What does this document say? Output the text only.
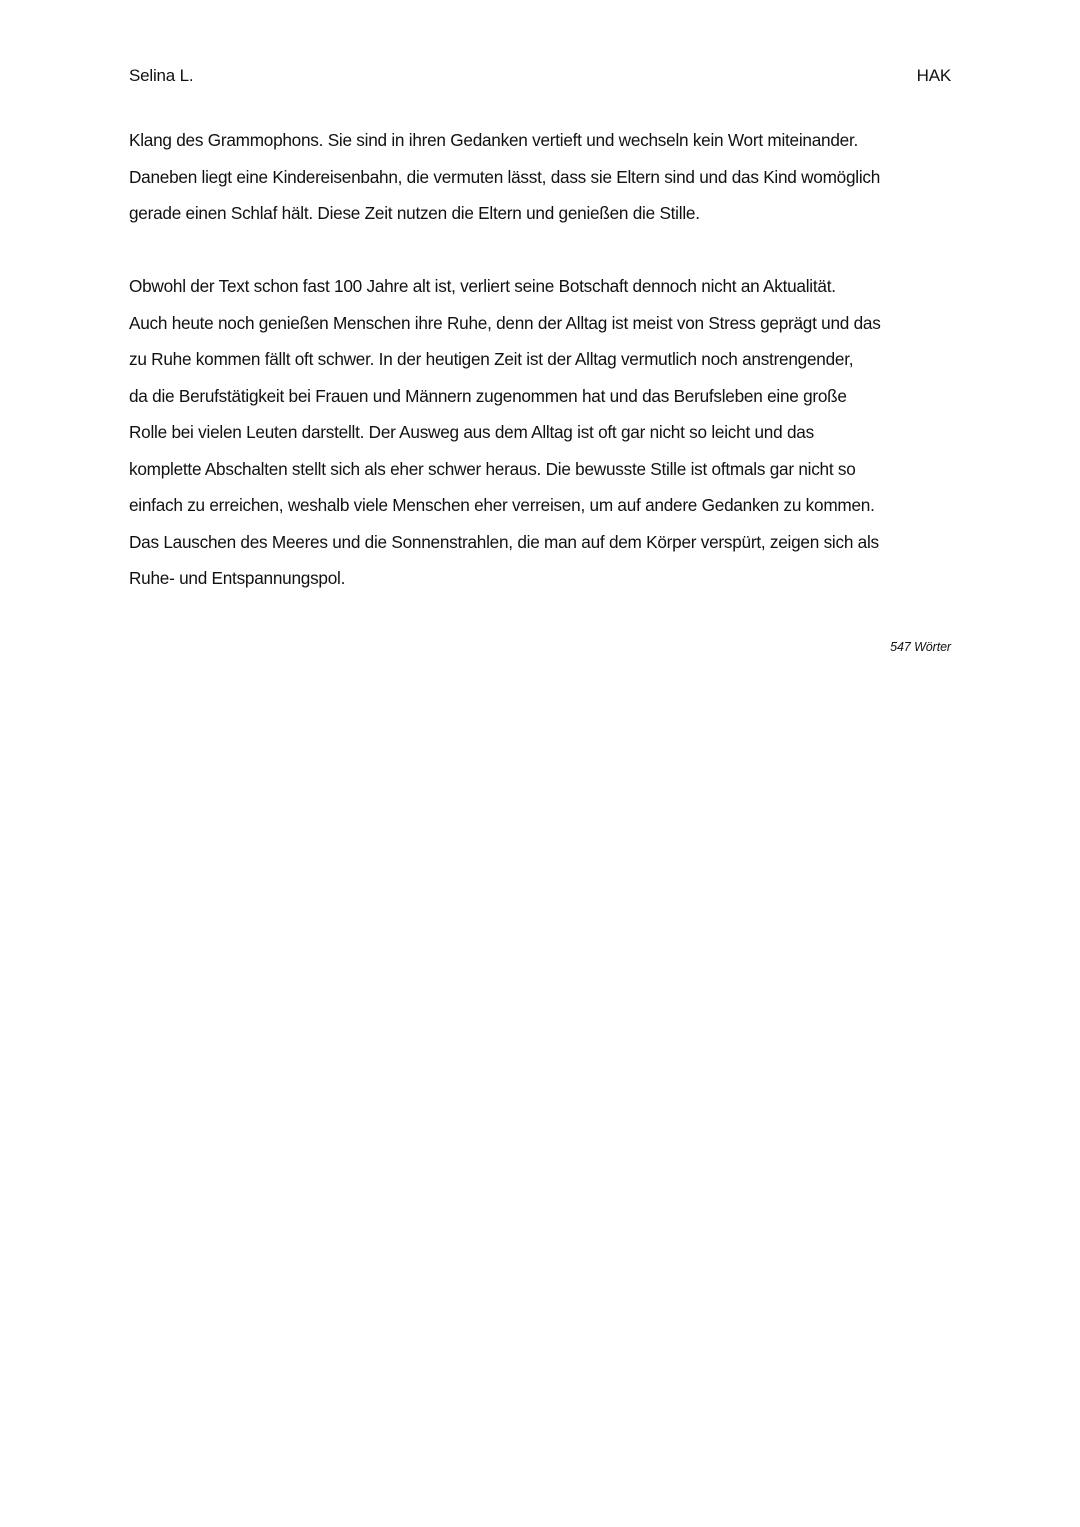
Selina L.	HAK
Klang des Grammophons. Sie sind in ihren Gedanken vertieft und wechseln kein Wort miteinander.
Daneben liegt eine Kindereisenbahn, die vermuten lässt, dass sie Eltern sind und das Kind womöglich
gerade einen Schlaf hält. Diese Zeit nutzen die Eltern und genießen die Stille.
Obwohl der Text schon fast 100 Jahre alt ist, verliert seine Botschaft dennoch nicht an Aktualität.
Auch heute noch genießen Menschen ihre Ruhe, denn der Alltag ist meist von Stress geprägt und das
zu Ruhe kommen fällt oft schwer. In der heutigen Zeit ist der Alltag vermutlich noch anstrengender,
da die Berufstätigkeit bei Frauen und Männern zugenommen hat und das Berufsleben eine große
Rolle bei vielen Leuten darstellt. Der Ausweg aus dem Alltag ist oft gar nicht so leicht und das
komplette Abschalten stellt sich als eher schwer heraus. Die bewusste Stille ist oftmals gar nicht so
einfach zu erreichen, weshalb viele Menschen eher verreisen, um auf andere Gedanken zu kommen.
Das Lauschen des Meeres und die Sonnenstrahlen, die man auf dem Körper verspürt, zeigen sich als
Ruhe- und Entspannungspol.
547 Wörter
